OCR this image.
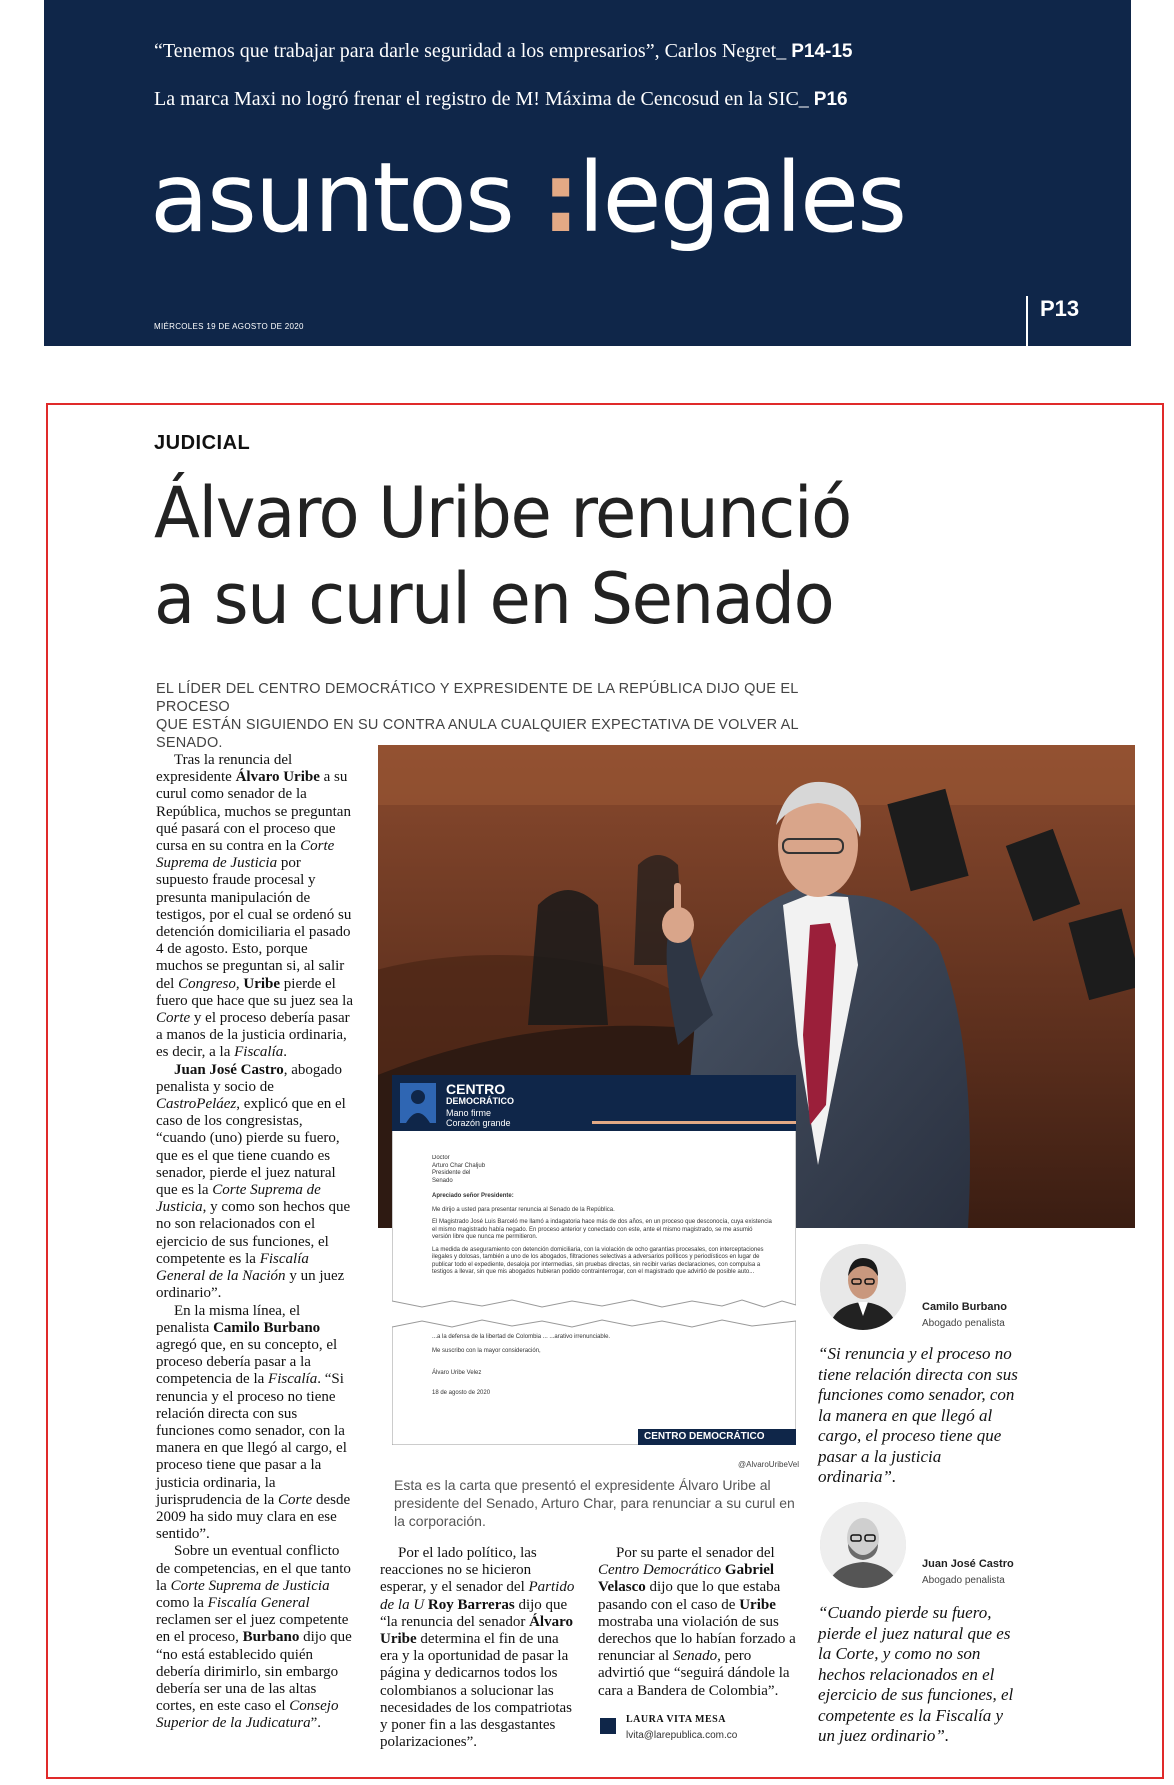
“Tenemos que trabajar para darle seguridad a los empresarios”, Carlos Negret_ P14-15
La marca Maxi no logró frenar el registro de M! Máxima de Cencosud en la SIC_ P16
asuntos :legales
MIÉRCOLES 19 DE AGOSTO DE 2020
P13
JUDICIAL
Álvaro Uribe renunció
a su curul en Senado
EL LÍDER DEL CENTRO DEMOCRÁTICO Y EXPRESIDENTE DE LA REPÚBLICA DIJO QUE EL PROCESO
QUE ESTÁN SIGUIENDO EN SU CONTRA ANULA CUALQUIER EXPECTATIVA DE VOLVER AL SENADO.
CENTRO
DEMOCRÁTICO
Mano firme
Corazón grande
Doctor
Arturo Char Chaljub
Presidente del
Senado
Apreciado señor Presidente:
Me dirijo a usted para presentar renuncia al Senado de la República.
El Magistrado José Luis Barceló me llamó a indagatoria hace más de dos años, en un proceso que desconocía, cuya existencia el mismo magistrado había negado. En proceso anterior y conectado con este, ante el mismo magistrado, se me asumió versión libre que nunca me permitieron.
La medida de aseguramiento con detención domiciliaria, con la violación de ocho garantías procesales, con interceptaciones ilegales y dolosas, también a uno de los abogados, filtraciones selectivas a adversarios políticos y periodísticos en lugar de publicar todo el expediente, desaloja por intermedias, sin pruebas directas, sin recibir varias declaraciones, con compulsa a testigos a llevar, sin que mis abogados hubieran podido contrainterrogar, con el magistrado que advirtió de posible auto...
...a la defensa de la libertad de Colombia ... ...arativo irrenunciable.
Me suscribo con la mayor consideración,
Álvaro Uribe Velez
18 de agosto de 2020
CENTRO DEMOCRÁTICO
@AlvaroUribeVel
Esta es la carta que presentó el expresidente Álvaro Uribe al presidente del Senado, Arturo Char, para renunciar a su curul en la corporación.

Tras la renuncia del expresidente Álvaro Uribe a su curul como senador de la República, muchos se preguntan qué pasará con el proceso que cursa en su contra en la Corte Suprema de Justicia por supuesto fraude procesal y presunta manipulación de testigos, por el cual se ordenó su detención domiciliaria el pasado 4 de agosto. Esto, porque muchos se preguntan si, al salir del Congreso, Uribe pierde el fuero que hace que su juez sea la Corte y el proceso debería pasar a manos de la justicia ordinaria, es decir, a la Fiscalía.

Juan José Castro, abogado penalista y socio de CastroPeláez, explicó que en el caso de los congresistas, “cuando (uno) pierde su fuero, que es el que tiene cuando es senador, pierde el juez natural que es la Corte Suprema de Justicia, y como son hechos que no son relacionados con el ejercicio de sus funciones, el competente es la Fiscalía General de la Nación y un juez ordinario”.

En la misma línea, el penalista Camilo Burbano agregó que, en su concepto, el proceso debería pasar a la competencia de la Fiscalía. “Si renuncia y el proceso no tiene relación directa con sus funciones como senador, con la manera en que llegó al cargo, el proceso tiene que pasar a la justicia ordinaria, la jurisprudencia de la Corte desde 2009 ha sido muy clara en ese sentido”.

Sobre un eventual conflicto de competencias, en el que tanto la Corte Suprema de Justicia como la Fiscalía General reclamen ser el juez competente en el proceso, Burbano dijo que “no está establecido quién debería dirimirlo, sin embargo debería ser una de las altas cortes, en este caso el Consejo Superior de la Judicatura”.

Por el lado político, las reacciones no se hicieron esperar, y el senador del Partido de la U Roy Barreras dijo que “la renuncia del senador Álvaro Uribe determina el fin de una era y la oportunidad de pasar la página y dedicarnos todos los colombianos a solucionar las necesidades de los compatriotas y poner fin a las desgastantes polarizaciones”.

Por su parte el senador del Centro Democrático Gabriel Velasco dijo que lo que estaba pasando con el caso de Uribe mostraba una violación de sus derechos que lo habían forzado a renunciar al Senado, pero advirtió que “seguirá dándole la cara a Bandera de Colombia”.

LAURA VITA MESA
lvita@larepublica.com.co
Camilo Burbano
Abogado penalista
“Si renuncia y el proceso no tiene relación directa con sus funciones como senador, con la manera en que llegó al cargo, el proceso tiene que pasar a la justicia ordinaria”.
Juan José Castro
Abogado penalista
“Cuando pierde su fuero, pierde el juez natural que es la Corte, y como no son hechos relacionados en el ejercicio de sus funciones, el competente es la Fiscalía y un juez ordinario”.
